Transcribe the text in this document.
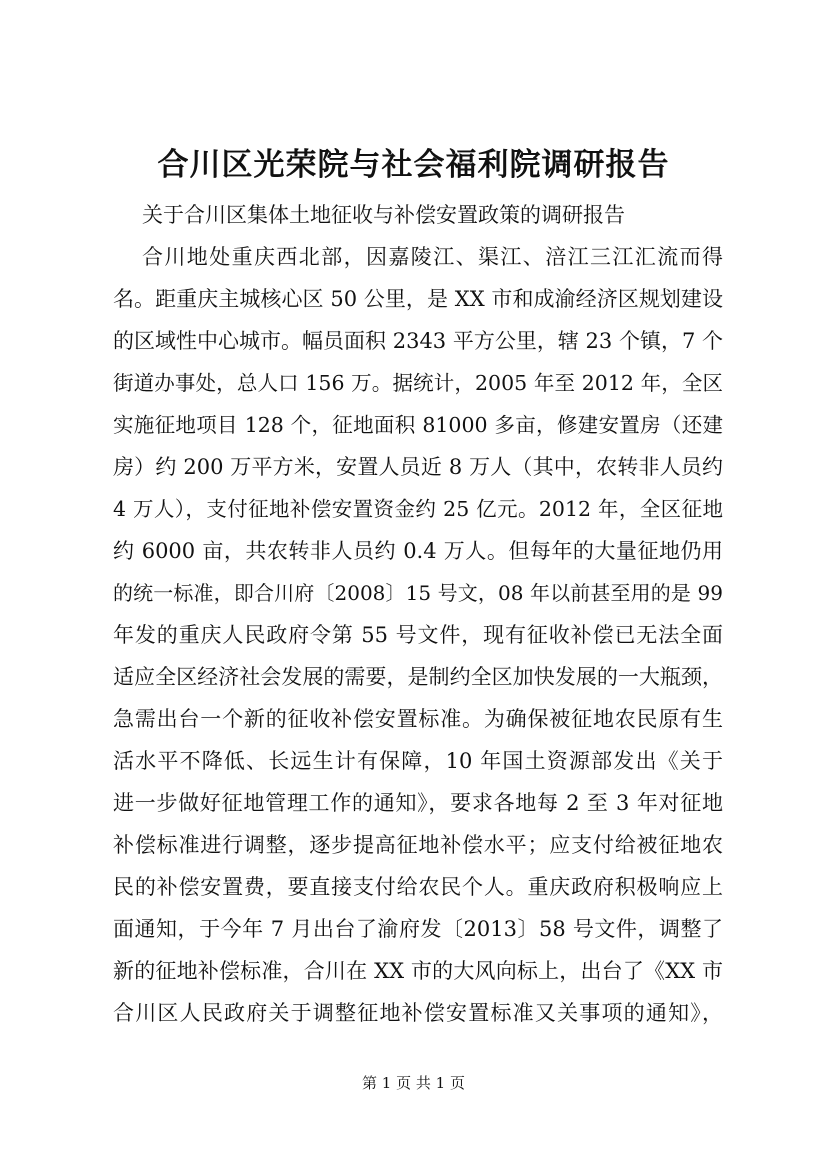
合川区光荣院与社会福利院调研报告
关于合川区集体土地征收与补偿安置政策的调研报告
合川地处重庆西北部，因嘉陵江、渠江、涪江三江汇流而得
名。距重庆主城核心区 50 公里，是 XX 市和成渝经济区规划建设
的区域性中心城市。幅员面积 2343 平方公里，辖 23 个镇，7 个
街道办事处，总人口 156 万。据统计，2005 年至 2012 年，全区
实施征地项目 128 个，征地面积 81000 多亩，修建安置房（还建
房）约 200 万平方米，安置人员近 8 万人（其中，农转非人员约
4 万人），支付征地补偿安置资金约 25 亿元。2012 年，全区征地
约 6000 亩，共农转非人员约 0.4 万人。但每年的大量征地仍用
的统一标准，即合川府〔2008〕15 号文，08 年以前甚至用的是 99
年发的重庆人民政府令第 55 号文件，现有征收补偿已无法全面
适应全区经济社会发展的需要，是制约全区加快发展的一大瓶颈，
急需出台一个新的征收补偿安置标准。为确保被征地农民原有生
活水平不降低、长远生计有保障，10 年国土资源部发出《关于
进一步做好征地管理工作的通知》，要求各地每 2 至 3 年对征地
补偿标准进行调整，逐步提高征地补偿水平；应支付给被征地农
民的补偿安置费，要直接支付给农民个人。重庆政府积极响应上
面通知，于今年 7 月出台了渝府发〔2013〕58 号文件，调整了
新的征地补偿标准，合川在 XX 市的大风向标上，出台了《XX 市
合川区人民政府关于调整征地补偿安置标准又关事项的通知》，
第 1 页 共 1 页
